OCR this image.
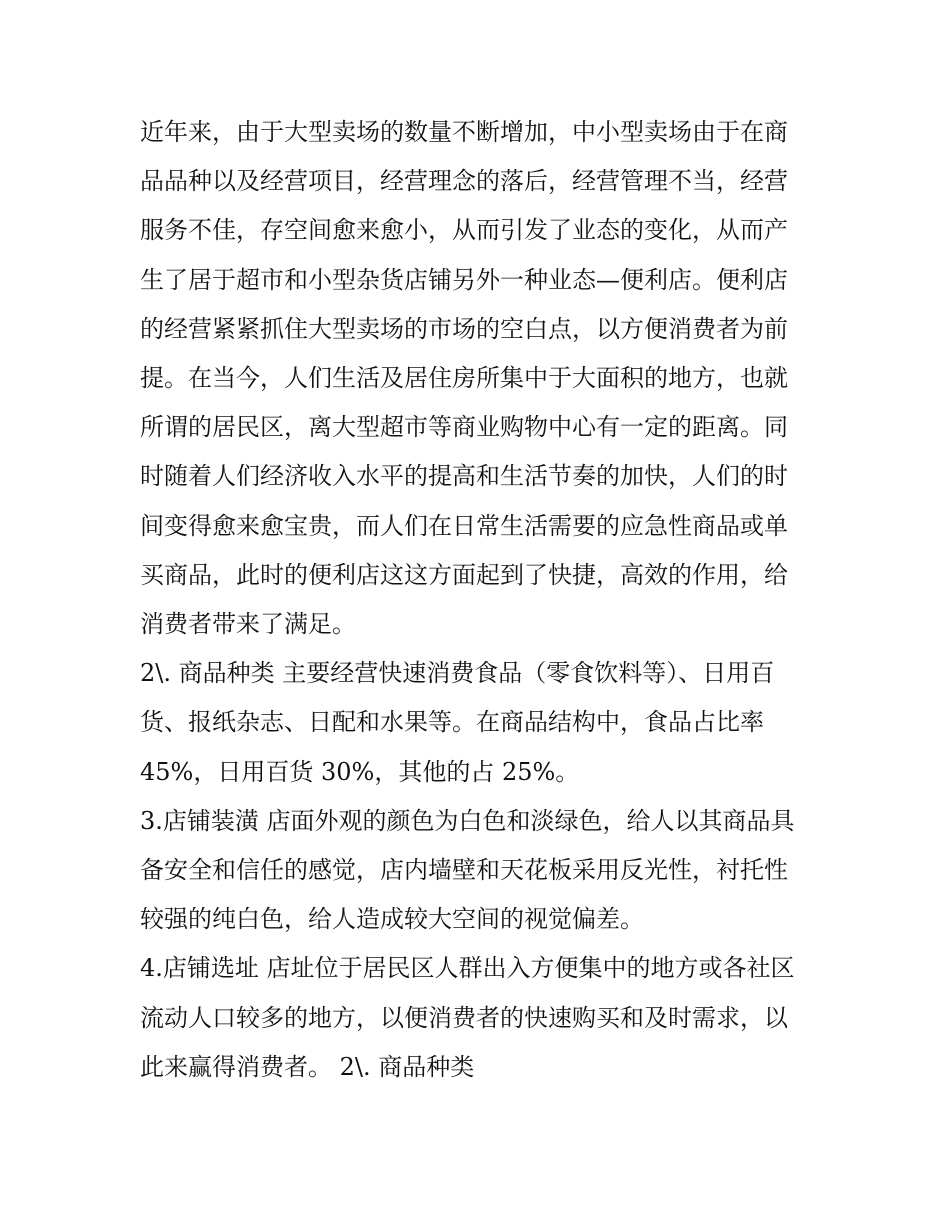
近年来，由于大型卖场的数量不断增加，中小型卖场由于在商
品品种以及经营项目，经营理念的落后，经营管理不当，经营
服务不佳，存空间愈来愈小，从而引发了业态的变化，从而产
生了居于超市和小型杂货店铺另外一种业态—便利店。便利店
的经营紧紧抓住大型卖场的市场的空白点，以方便消费者为前
提。在当今，人们生活及居住房所集中于大面积的地方，也就
所谓的居民区，离大型超市等商业购物中心有一定的距离。同
时随着人们经济收入水平的提高和生活节奏的加快，人们的时
间变得愈来愈宝贵，而人们在日常生活需要的应急性商品或单
买商品，此时的便利店这这方面起到了快捷，高效的作用，给
消费者带来了满足。

2\. 商品种类 主要经营快速消费食品（零食饮料等）、日用百
货、报纸杂志、日配和水果等。在商品结构中，食品占比率
45%，日用百货 30%，其他的占 25%。

3.店铺装潢 店面外观的颜色为白色和淡绿色，给人以其商品具
备安全和信任的感觉，店内墙壁和天花板采用反光性，衬托性
较强的纯白色，给人造成较大空间的视觉偏差。

4.店铺选址 店址位于居民区人群出入方便集中的地方或各社区
流动人口较多的地方，以便消费者的快速购买和及时需求，以
此来赢得消费者。 2\. 商品种类
